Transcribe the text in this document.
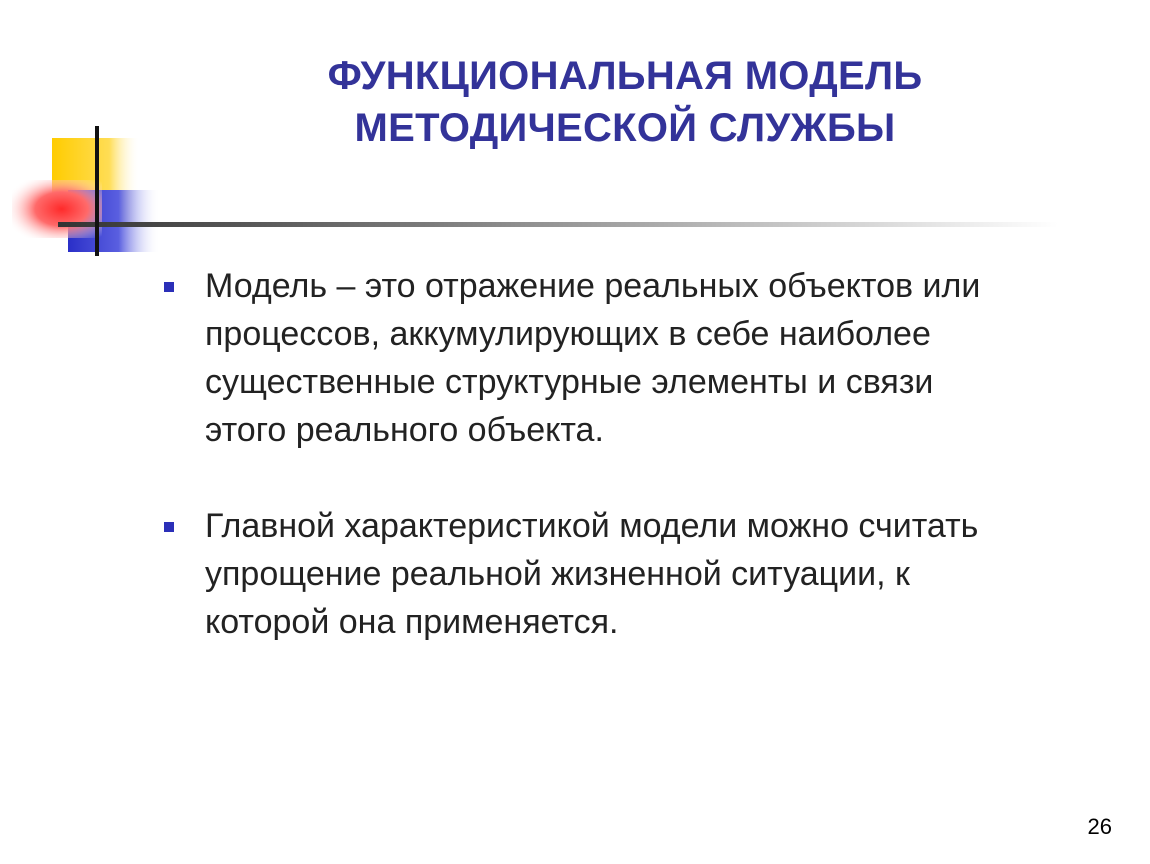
ФУНКЦИОНАЛЬНАЯ МОДЕЛЬ
МЕТОДИЧЕСКОЙ СЛУЖБЫ
Модель – это отражение реальных объектов или
процессов, аккумулирующих в себе наиболее
существенные структурные элементы и связи
этого реального объекта.
Главной характеристикой модели можно считать
упрощение реальной жизненной ситуации, к
которой она применяется.
26
